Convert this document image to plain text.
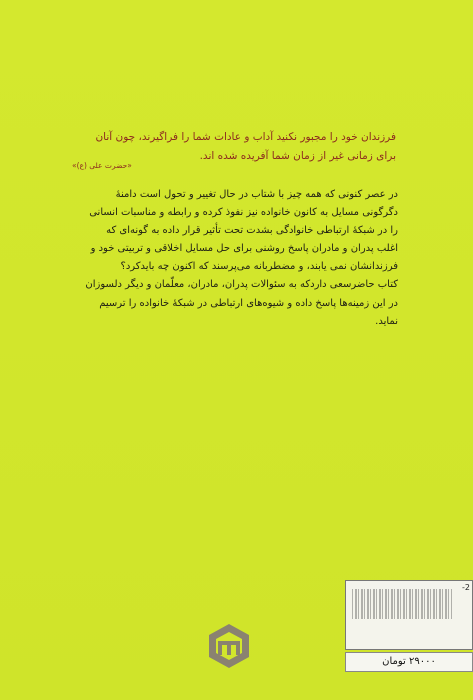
فرزندان خود را مجبور نکنید آداب و عادات شما را فراگیرند، چون آنان
برای زمانی غیر از زمان شما آفریده شده اند.
«حضرت علی (ع)»
در عصر کنونی که همه چیز با شتاب در حال تغییر و تحول است دامنهٔ
دگرگونی مسایل به کانون خانواده نیز نفوذ کرده و رابطه و مناسبات انسانی
را در شبکهٔ ارتباطی خانوادگی بشدت تحت تأثیر قرار داده به گونه‌ای که
اغلب پدران و مادران پاسخ روشنی برای حل مسایل اخلاقی و تربیتی خود و
فرزندانشان نمی یابند، و مضطربانه می‌پرسند که اکنون چه بایدکرد؟
کتاب حاضرسعی داردکه به سئوالات پدران، مادران، معلّمان و دیگر دلسوزان
در این زمینه‌ها پاسخ داده و شیوه‌های ارتباطی در شبکهٔ خانواده را ترسیم
نماید.
-2
۲۹۰۰۰ تومان
